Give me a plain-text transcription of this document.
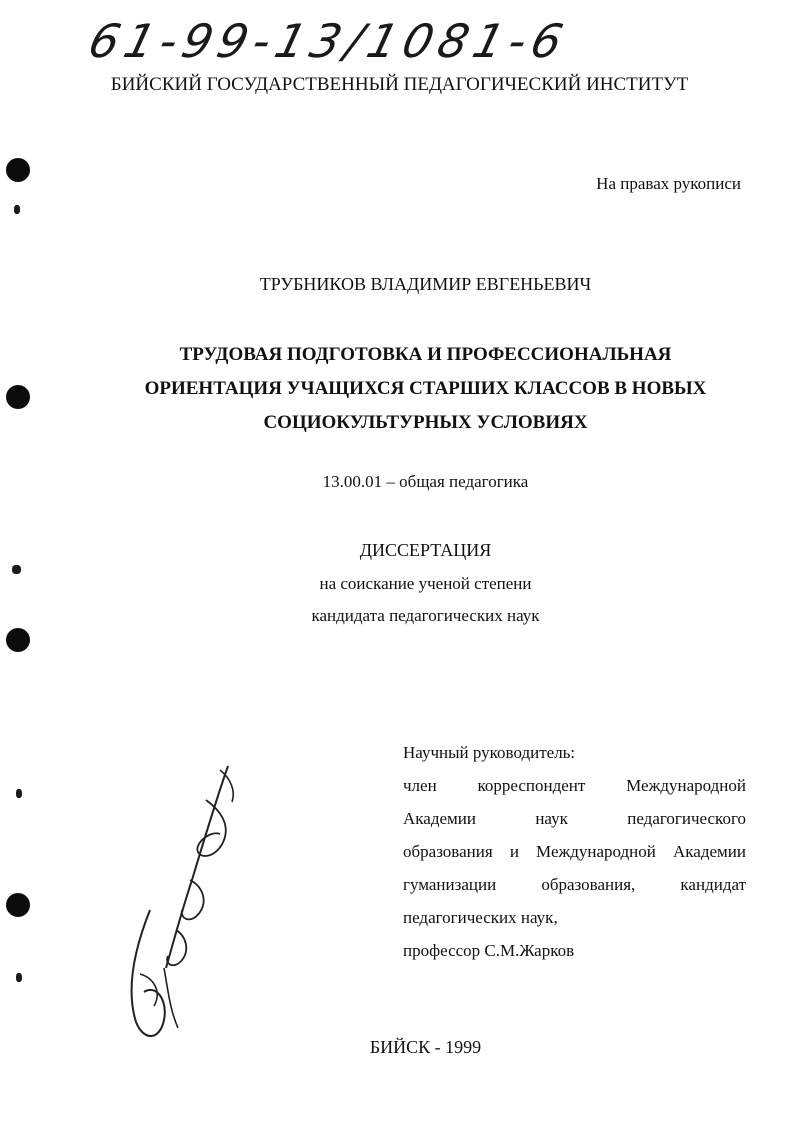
61-99-13/1081-6
БИЙСКИЙ ГОСУДАРСТВЕННЫЙ ПЕДАГОГИЧЕСКИЙ ИНСТИТУТ
На правах рукописи
ТРУБНИКОВ ВЛАДИМИР ЕВГЕНЬЕВИЧ
ТРУДОВАЯ ПОДГОТОВКА И ПРОФЕССИОНАЛЬНАЯ
ОРИЕНТАЦИЯ УЧАЩИХСЯ СТАРШИХ КЛАССОВ В НОВЫХ
СОЦИОКУЛЬТУРНЫХ УСЛОВИЯХ
13.00.01 – общая педагогика
ДИССЕРТАЦИЯ
на соискание ученой степени
кандидата педагогических наук
Научный руководитель:
член корреспондент Международной
Академии наук педагогического
образования и Международной Академии
гуманизации образования, кандидат
педагогических наук,
профессор С.М.Жарков
БИЙСК - 1999
